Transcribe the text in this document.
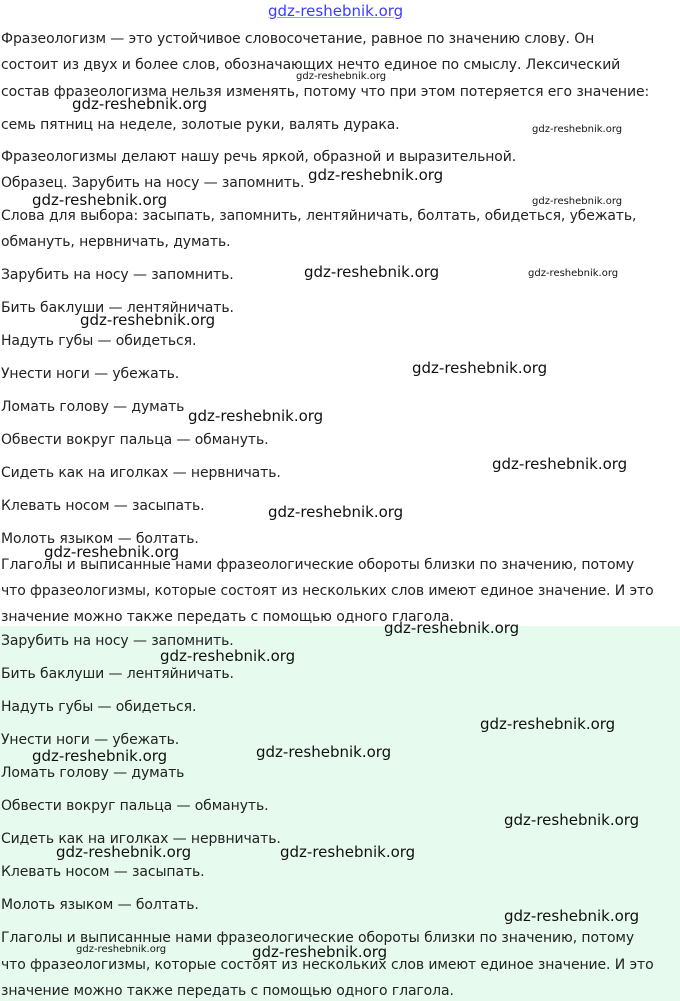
Фразеологизм — это устойчивое словосочетание, равное по значению слову. Он
состоит из двух и более слов, обозначающих нечто единое по смыслу. Лексический
состав фразеологизма нельзя изменять, потому что при этом потеряется его значение:
семь пятниц на неделе, золотые руки, валять дурака.
Фразеологизмы делают нашу речь яркой, образной и выразительной.
Образец. Зарубить на носу — запомнить.
Слова для выбора: засыпать, запомнить, лентяйничать, болтать, обидеться, убежать,
обмануть, нервничать, думать.
Зарубить на носу — запомнить.
Бить баклуши — лентяйничать.
Надуть губы — обидеться.
Унести ноги — убежать.
Ломать голову — думать
Обвести вокруг пальца — обмануть.
Сидеть как на иголках — нервничать.
Клевать носом — засыпать.
Молоть языком — болтать.
Глаголы и выписанные нами фразеологические обороты близки по значению, потому
что фразеологизмы, которые состоят из нескольких слов имеют единое значение. И это
значение можно также передать с помощью одного глагола.
Зарубить на носу — запомнить.
Бить баклуши — лентяйничать.
Надуть губы — обидеться.
Унести ноги — убежать.
Ломать голову — думать
Обвести вокруг пальца — обмануть.
Сидеть как на иголках — нервничать.
Клевать носом — засыпать.
Молоть языком — болтать.
Глаголы и выписанные нами фразеологические обороты близки по значению, потому
что фразеологизмы, которые состоят из нескольких слов имеют единое значение. И это
значение можно также передать с помощью одного глагола.
gdz-reshebnik.org
gdz-reshebnik.org
gdz-reshebnik.org
gdz-reshebnik.org
gdz-reshebnik.org
gdz-reshebnik.org	gdz-reshebnik.org
gdz-reshebnik.org	gdz-reshebnik.org
gdz-reshebnik.org
gdz-reshebnik.org
gdz-reshebnik.org
gdz-reshebnik.org
gdz-reshebnik.org
gdz-reshebnik.org
gdz-reshebnik.org
gdz-reshebnik.org
gdz-reshebnik.org
gdz-reshebnik.org
gdz-reshebnik.org
gdz-reshebnik.org
gdz-reshebnik.org	gdz-reshebnik.org
gdz-reshebnik.org
gdz-reshebnik.org
gdz-reshebnik.org
